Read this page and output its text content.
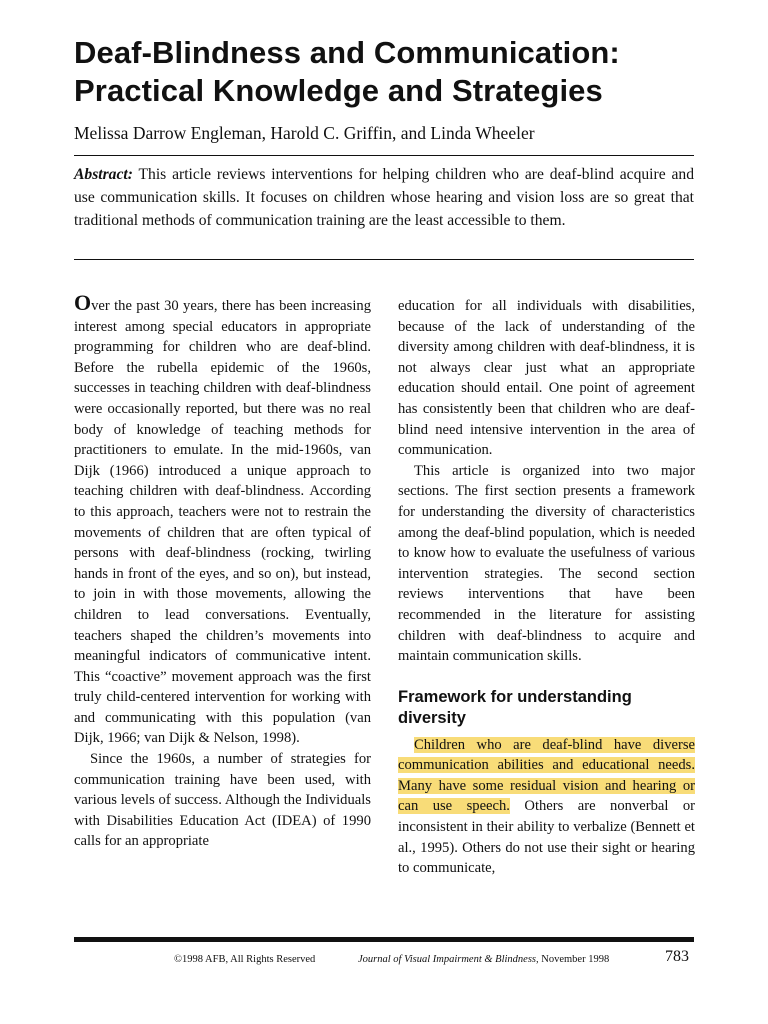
Deaf-Blindness and Communication:
Practical Knowledge and Strategies
Melissa Darrow Engleman, Harold C. Griffin, and Linda Wheeler

Abstract: This article reviews interventions for helping children who are deaf-blind acquire and use communication skills. It focuses on children whose hearing and vision loss are so great that traditional methods of communication training are the least accessible to them.

Over the past 30 years, there has been increasing interest among special educators in appropriate programming for children who are deaf-blind. Before the rubella epidemic of the 1960s, successes in teaching children with deaf-blindness were occasionally reported, but there was no real body of knowledge of teaching methods for practitioners to emulate. In the mid-1960s, van Dijk (1966) introduced a unique approach to teaching children with deaf-blindness. According to this approach, teachers were not to restrain the movements of children that are often typical of persons with deaf-blindness (rocking, twirling hands in front of the eyes, and so on), but instead, to join in with those movements, allowing the children to lead conversations. Eventually, teachers shaped the children’s movements into meaningful indicators of communicative intent. This “coactive” movement approach was the first truly child-centered intervention for working with and communicating with this population (van Dijk, 1966; van Dijk & Nelson, 1998).

Since the 1960s, a number of strategies for communication training have been used, with various levels of success. Although the Individuals with Disabilities Education Act (IDEA) of 1990 calls for an appropriate

education for all individuals with disabilities, because of the lack of understanding of the diversity among children with deaf-blindness, it is not always clear just what an appropriate education should entail. One point of agreement has consistently been that children who are deaf-blind need intensive intervention in the area of communication.

This article is organized into two major sections. The first section presents a framework for understanding the diversity of characteristics among the deaf-blind population, which is needed to know how to evaluate the usefulness of various intervention strategies. The second section reviews interventions that have been recommended in the literature for assisting children with deaf-blindness to acquire and maintain communication skills.

Framework for understanding diversity

Children who are deaf-blind have diverse communication abilities and educational needs. Many have some residual vision and hearing or can use speech. Others are nonverbal or inconsistent in their ability to verbalize (Bennett et al., 1995). Others do not use their sight or hearing to communicate,

©1998 AFB, All Rights Reserved	Journal of Visual Impairment & Blindness, November 1998	783
